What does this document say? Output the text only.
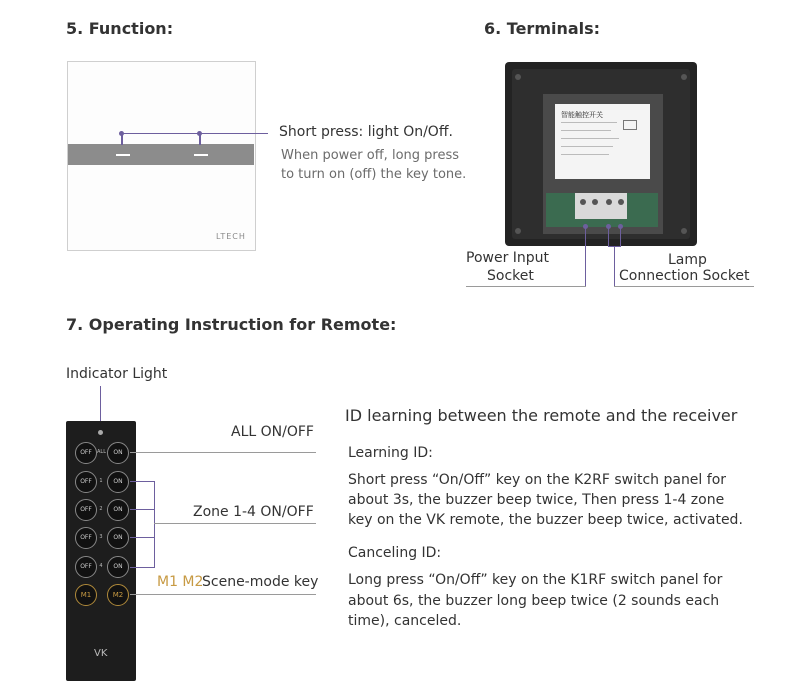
5. Function:
LTECH
Short press: light On/Off.
When power off, long press
to turn on (off) the key tone.
6. Terminals:
智能触控开关
Power Input
Socket
Lamp
Connection Socket
7. Operating Instruction for Remote:
Indicator Light
OFF	ALL	ON
OFF	1	ON
OFF	2	ON
OFF	3	ON
OFF	4	ON
M1	M2
VK
ALL ON/OFF
Zone 1-4 ON/OFF
M1 M2
Scene-mode key
ID learning between the remote and the receiver
Learning ID:
Short press “On/Off” key on the K2RF switch panel for
about 3s, the buzzer beep twice, Then press 1-4 zone
key on the VK remote, the buzzer beep twice, activated.
Canceling ID:
Long press “On/Off” key on the K1RF switch panel for
about 6s, the buzzer long beep twice (2 sounds each
time), canceled.
